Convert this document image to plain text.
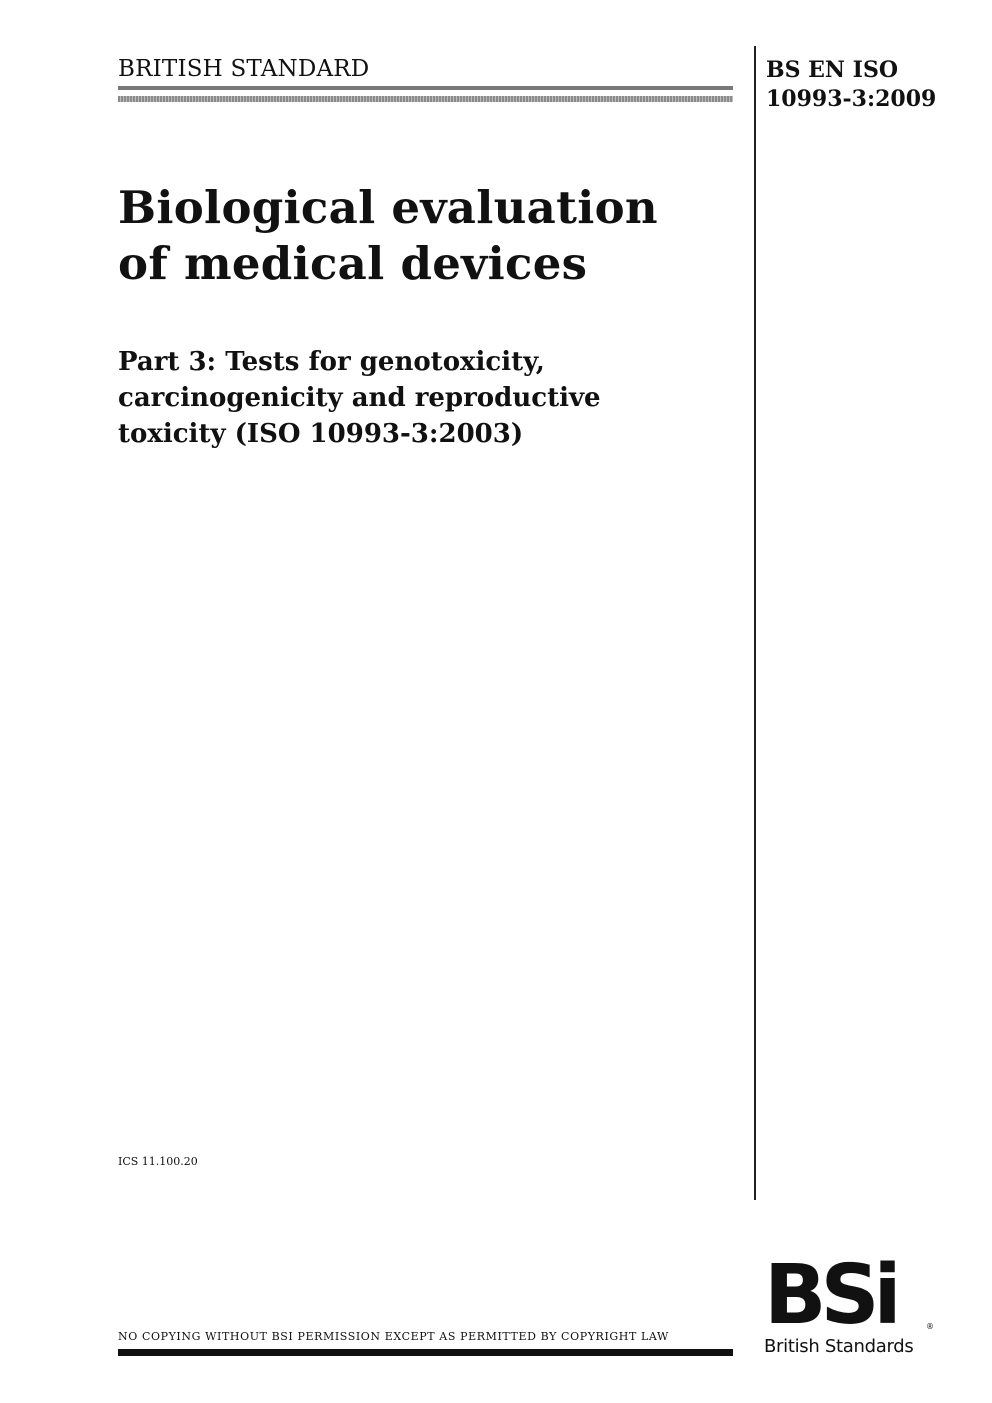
BRITISH STANDARD	BS EN ISO
10993-3:2009
Biological evaluation
of medical devices
Part 3: Tests for genotoxicity,
carcinogenicity and reproductive
toxicity (ISO 10993-3:2003)
ICS 11.100.20
NO COPYING WITHOUT BSI PERMISSION EXCEPT AS PERMITTED BY COPYRIGHT LAW BSi	®
British Standards
